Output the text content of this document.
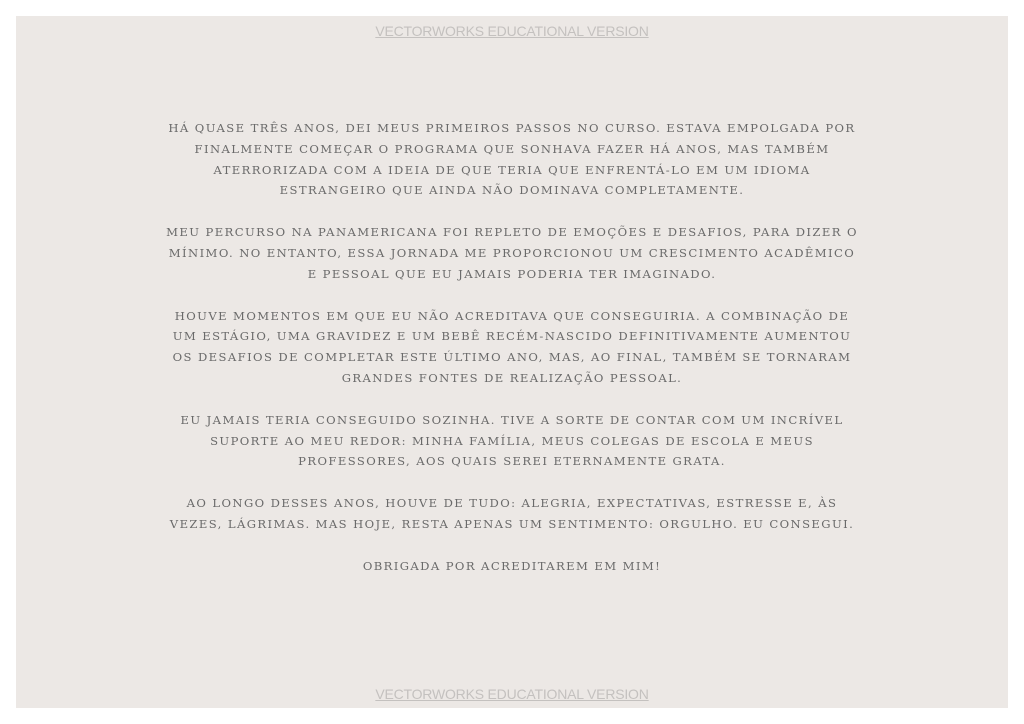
VECTORWORKS EDUCATIONAL VERSION

HÁ QUASE TRÊS ANOS, DEI MEUS PRIMEIROS PASSOS NO CURSO. ESTAVA EMPOLGADA POR FINALMENTE COMEÇAR O PROGRAMA QUE SONHAVA FAZER HÁ ANOS, MAS TAMBÉM ATERRORIZADA COM A IDEIA DE QUE TERIA QUE ENFRENTÁ-LO EM UM IDIOMA ESTRANGEIRO QUE AINDA NÃO DOMINAVA COMPLETAMENTE.

MEU PERCURSO NA PANAMERICANA FOI REPLETO DE EMOÇÕES E DESAFIOS, PARA DIZER O MÍNIMO. NO ENTANTO, ESSA JORNADA ME PROPORCIONOU UM CRESCIMENTO ACADÊMICO E PESSOAL QUE EU JAMAIS PODERIA TER IMAGINADO.

HOUVE MOMENTOS EM QUE EU NÃO ACREDITAVA QUE CONSEGUIRIA. A COMBINAÇÃO DE UM ESTÁGIO, UMA GRAVIDEZ E UM BEBÊ RECÉM-NASCIDO DEFINITIVAMENTE AUMENTOU OS DESAFIOS DE COMPLETAR ESTE ÚLTIMO ANO, MAS, AO FINAL, TAMBÉM SE TORNARAM GRANDES FONTES DE REALIZAÇÃO PESSOAL.

EU JAMAIS TERIA CONSEGUIDO SOZINHA. TIVE A SORTE DE CONTAR COM UM INCRÍVEL SUPORTE AO MEU REDOR: MINHA FAMÍLIA, MEUS COLEGAS DE ESCOLA E MEUS PROFESSORES, AOS QUAIS SEREI ETERNAMENTE GRATA.

AO LONGO DESSES ANOS, HOUVE DE TUDO: ALEGRIA, EXPECTATIVAS, ESTRESSE E, ÀS VEZES, LÁGRIMAS. MAS HOJE, RESTA APENAS UM SENTIMENTO: ORGULHO. EU CONSEGUI.

OBRIGADA POR ACREDITAREM EM MIM!

VECTORWORKS EDUCATIONAL VERSION
